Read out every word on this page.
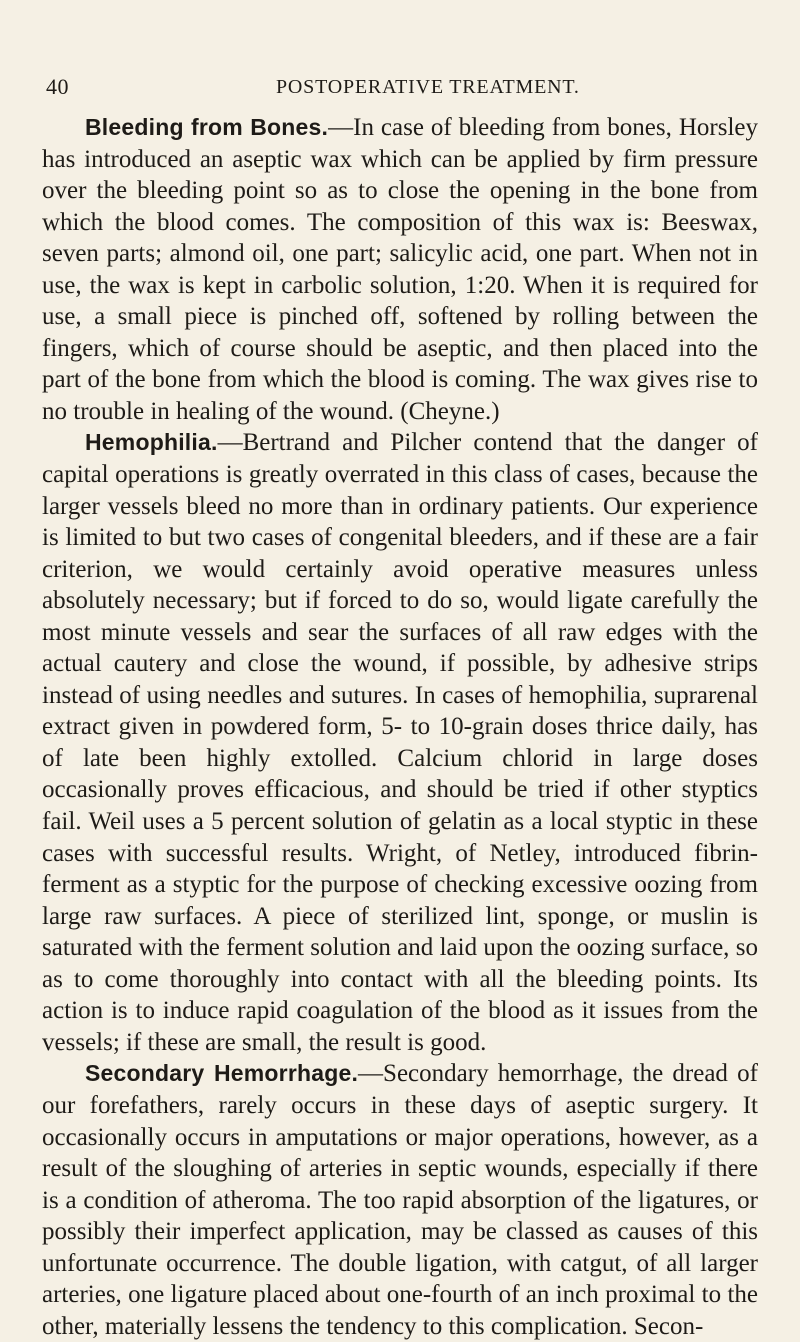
40	POSTOPERATIVE TREATMENT.

Bleeding from Bones.—In case of bleeding from bones, Horsley has introduced an aseptic wax which can be applied by firm pressure over the bleeding point so as to close the opening in the bone from which the blood comes. The composition of this wax is: Beeswax, seven parts; almond oil, one part; salicylic acid, one part. When not in use, the wax is kept in carbolic solution, 1:20. When it is required for use, a small piece is pinched off, softened by rolling between the fingers, which of course should be aseptic, and then placed into the part of the bone from which the blood is coming. The wax gives rise to no trouble in healing of the wound. (Cheyne.)

Hemophilia.—Bertrand and Pilcher contend that the danger of capital operations is greatly overrated in this class of cases, because the larger vessels bleed no more than in ordinary patients. Our experience is limited to but two cases of congenital bleeders, and if these are a fair criterion, we would certainly avoid operative measures unless absolutely necessary; but if forced to do so, would ligate carefully the most minute vessels and sear the surfaces of all raw edges with the actual cautery and close the wound, if possible, by adhesive strips instead of using needles and sutures. In cases of hemophilia, suprarenal extract given in powdered form, 5- to 10-grain doses thrice daily, has of late been highly extolled. Calcium chlorid in large doses occasionally proves efficacious, and should be tried if other styptics fail. Weil uses a 5 percent solution of gelatin as a local styptic in these cases with successful results. Wright, of Netley, introduced fibrin-ferment as a styptic for the purpose of checking excessive oozing from large raw surfaces. A piece of sterilized lint, sponge, or muslin is saturated with the ferment solution and laid upon the oozing surface, so as to come thoroughly into contact with all the bleeding points. Its action is to induce rapid coagulation of the blood as it issues from the vessels; if these are small, the result is good.

Secondary Hemorrhage.—Secondary hemorrhage, the dread of our forefathers, rarely occurs in these days of aseptic surgery. It occasionally occurs in amputations or major operations, however, as a result of the sloughing of arteries in septic wounds, especially if there is a condition of atheroma. The too rapid absorption of the ligatures, or possibly their imperfect application, may be classed as causes of this unfortunate occurrence. The double ligation, with catgut, of all larger arteries, one ligature placed about one-fourth of an inch proximal to the other, materially lessens the tendency to this complication. Secon-
